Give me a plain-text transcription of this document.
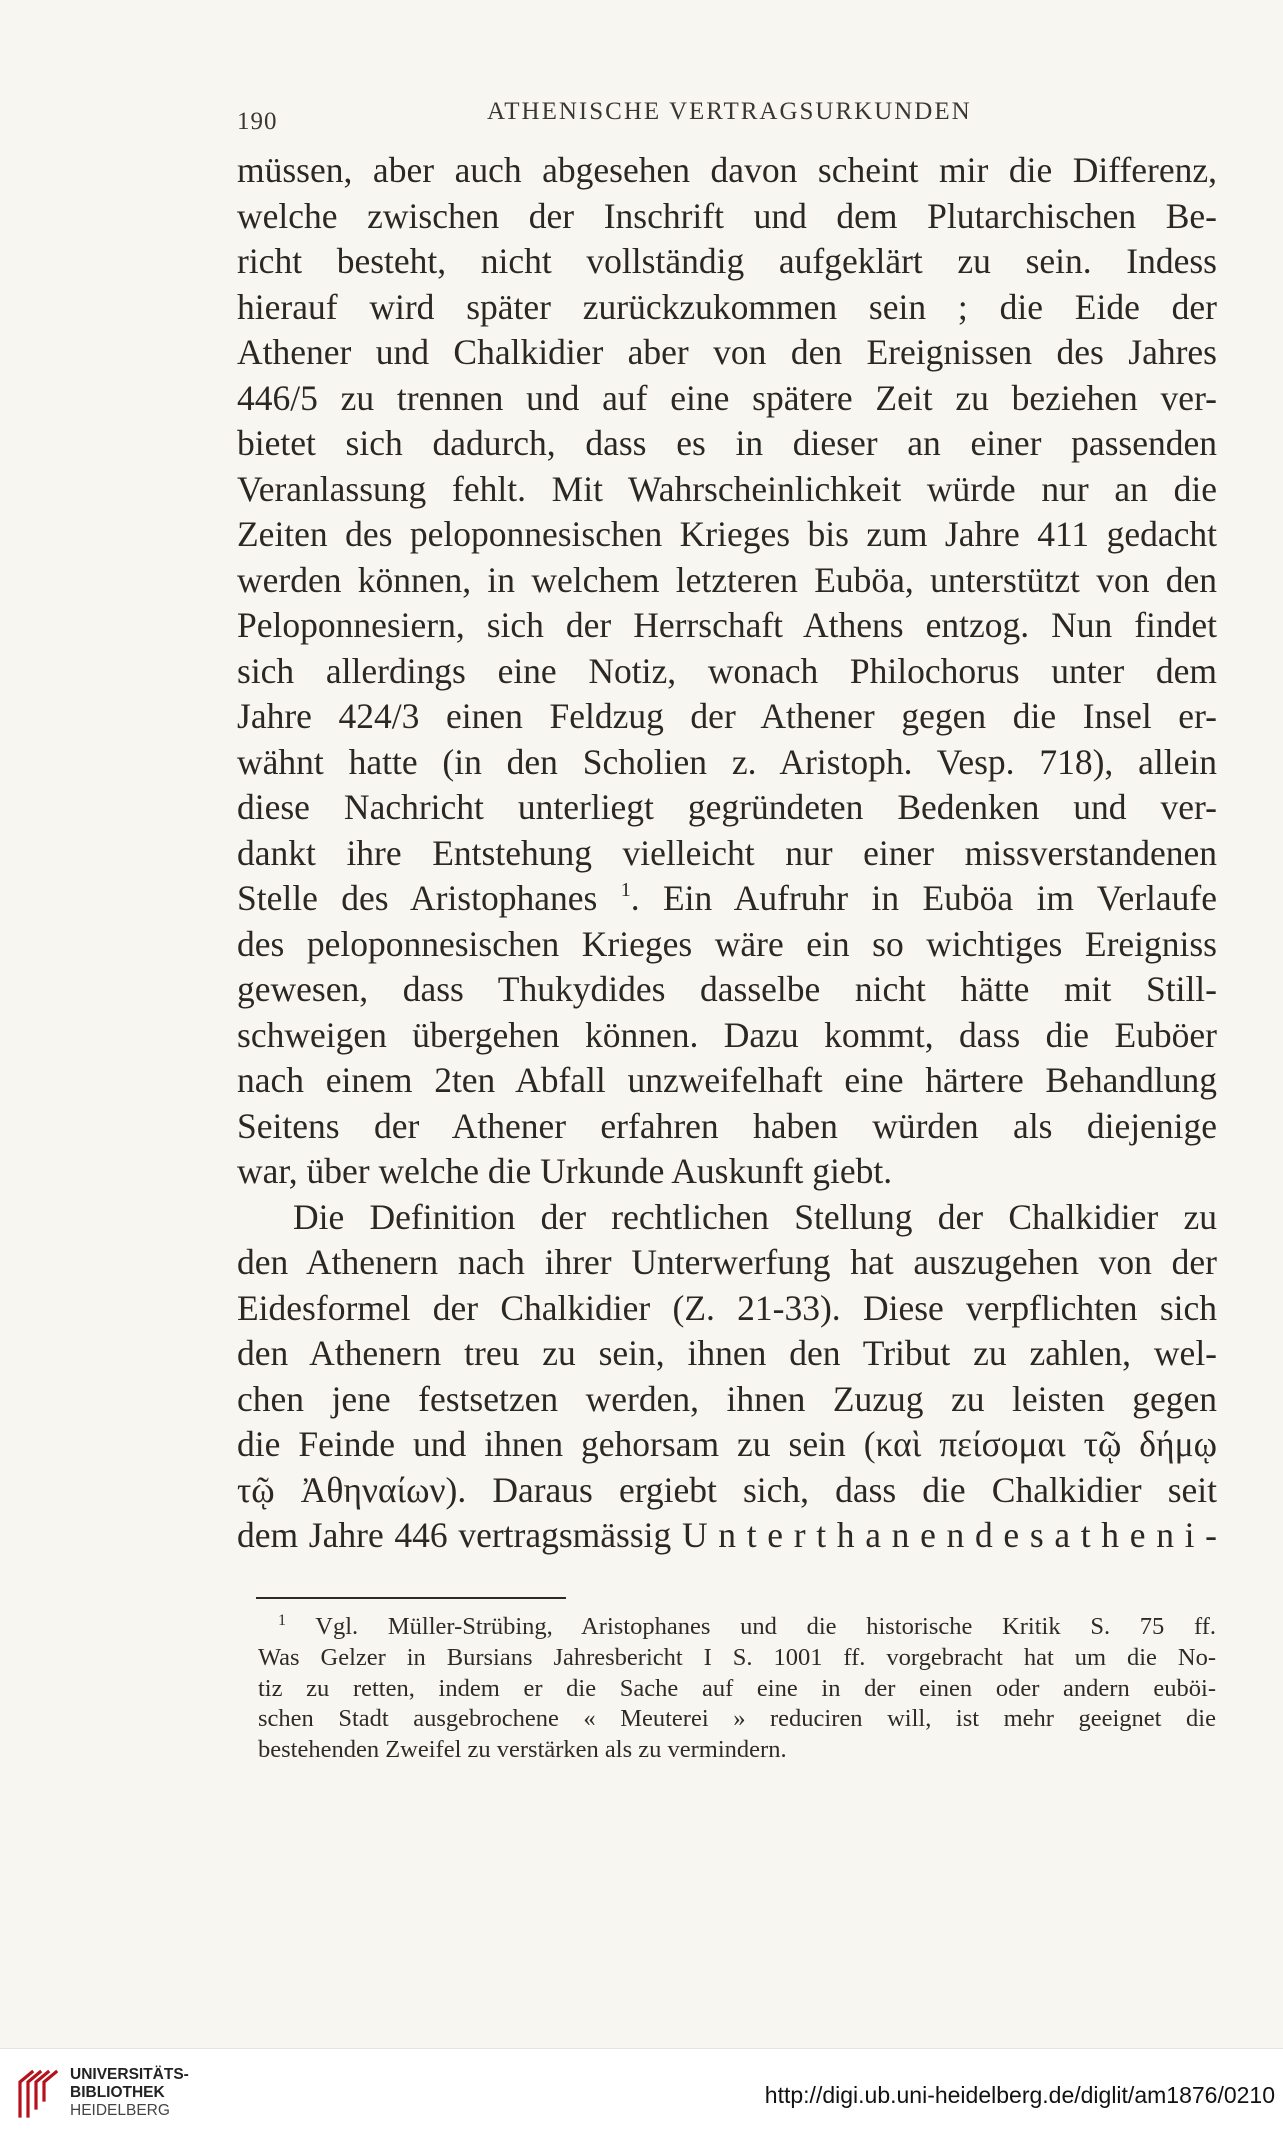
190	ATHENISCHE VERTRAGSURKUNDEN
müssen, aber auch abgesehen davon scheint mir die Differenz,
welche zwischen der Inschrift und dem Plutarchischen Be-
richt besteht, nicht vollständig aufgeklärt zu sein. Indess
hierauf wird später zurückzukommen sein ; die Eide der
Athener und Chalkidier aber von den Ereignissen des Jahres
446/5 zu trennen und auf eine spätere Zeit zu beziehen ver-
bietet sich dadurch, dass es in dieser an einer passenden
Veranlassung fehlt. Mit Wahrscheinlichkeit würde nur an die
Zeiten des peloponnesischen Krieges bis zum Jahre 411 gedacht
werden können, in welchem letzteren Euböa, unterstützt von den
Peloponnesiern, sich der Herrschaft Athens entzog. Nun findet
sich allerdings eine Notiz, wonach Philochorus unter dem
Jahre 424/3 einen Feldzug der Athener gegen die Insel er-
wähnt hatte (in den Scholien z. Aristoph. Vesp. 718), allein
diese Nachricht unterliegt gegründeten Bedenken und ver-
dankt ihre Entstehung vielleicht nur einer missverstandenen
Stelle des Aristophanes $^1$. Ein Aufruhr in Euböa im Verlaufe
des peloponnesischen Krieges wäre ein so wichtiges Ereigniss
gewesen, dass Thukydides dasselbe nicht hätte mit Still-
schweigen übergehen können. Dazu kommt, dass die Euböer
nach einem 2ten Abfall unzweifelhaft eine härtere Behandlung
Seitens der Athener erfahren haben würden als diejenige
war, über welche die Urkunde Auskunft giebt.
Die Definition der rechtlichen Stellung der Chalkidier zu
den Athenern nach ihrer Unterwerfung hat auszugehen von der
Eidesformel der Chalkidier (Z. 21-33). Diese verpflichten sich
den Athenern treu zu sein, ihnen den Tribut zu zahlen, wel-
chen jene festsetzen werden, ihnen Zuzug zu leisten gegen
die Feinde und ihnen gehorsam zu sein (καὶ πείσομαι τῷ δήμῳ
τῷ Ἀθηναίων). Daraus ergiebt sich, dass die Chalkidier seit
dem Jahre 446 vertragsmässig U n t e r t h a n e n d e s a t h e n i -
$^1$ Vgl. Müller-Strübing, Aristophanes und die historische Kritik S. 75 ff.
Was Gelzer in Bursians Jahresbericht I S. 1001 ff. vorgebracht hat um die No-
tiz zu retten, indem er die Sache auf eine in der einen oder andern euböi-
schen Stadt ausgebrochene « Meuterei » reduciren will, ist mehr geeignet die
bestehenden Zweifel zu verstärken als zu vermindern.
UNIVERSITÄTS-
BIBLIOTHEK
HEIDELBERG
http://digi.ub.uni-heidelberg.de/diglit/am1876/0210
